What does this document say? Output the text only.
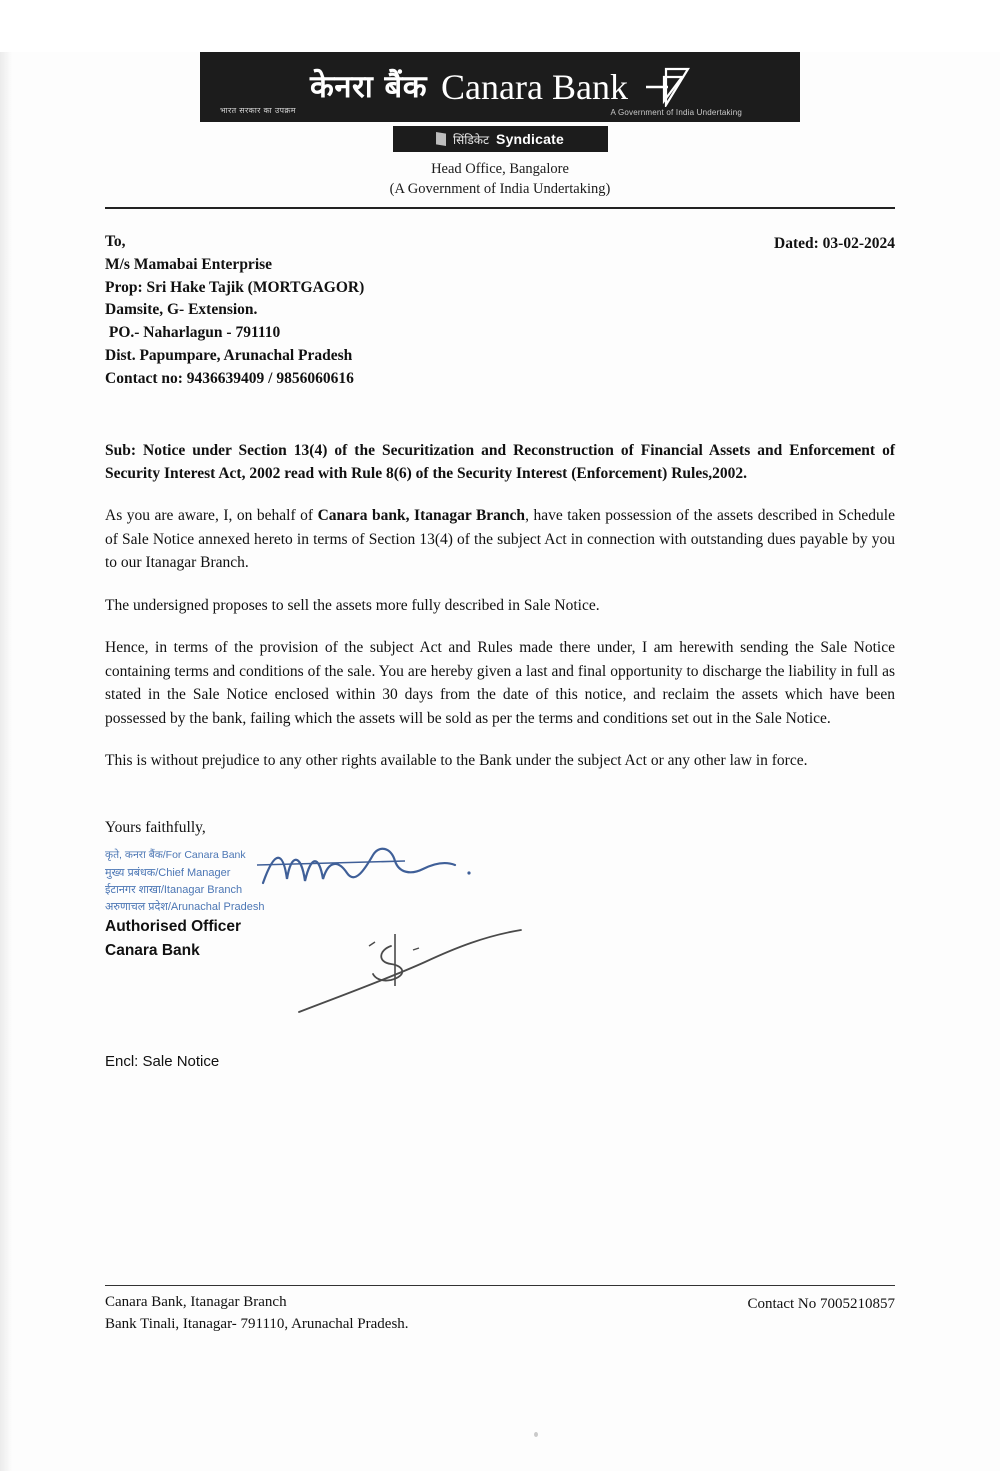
केनरा बैंक
भारत सरकार का उपक्रम
Canara Bank
A Government of India Undertaking
सिंडिकेट Syndicate
Head Office, Bangalore
(A Government of India Undertaking)
To,
M/s Mamabai Enterprise
Prop: Sri Hake Tajik (MORTGAGOR)
Damsite, G- Extension.
PO.- Naharlagun - 791110
Dist. Papumpare, Arunachal Pradesh
Contact no: 9436639409 / 9856060616
Dated: 03-02-2024
Sub: Notice under Section 13(4) of the Securitization and Reconstruction of Financial Assets and Enforcement of Security Interest Act, 2002 read with Rule 8(6) of the Security Interest (Enforcement) Rules,2002.

As you are aware, I, on behalf of Canara bank, Itanagar Branch, have taken possession of the assets described in Schedule of Sale Notice annexed hereto in terms of Section 13(4) of the subject Act in connection with outstanding dues payable by you to our Itanagar Branch.

The undersigned proposes to sell the assets more fully described in Sale Notice.

Hence, in terms of the provision of the subject Act and Rules made there under, I am herewith sending the Sale Notice containing terms and conditions of the sale. You are hereby given a last and final opportunity to discharge the liability in full as stated in the Sale Notice enclosed within 30 days from the date of this notice, and reclaim the assets which have been possessed by the bank, failing which the assets will be sold as per the terms and conditions set out in the Sale Notice.

This is without prejudice to any other rights available to the Bank under the subject Act or any other law in force.

Yours faithfully,
कृते, कनरा बैंक/For Canara Bank
मुख्य प्रबंधक/Chief Manager
ईटानगर शाखा/Itanagar Branch
अरुणाचल प्रदेश/Arunachal Pradesh
Authorised Officer
Canara Bank
Encl: Sale Notice
Canara Bank, Itanagar Branch
Bank Tinali, Itanagar- 791110, Arunachal Pradesh.
Contact No 7005210857
